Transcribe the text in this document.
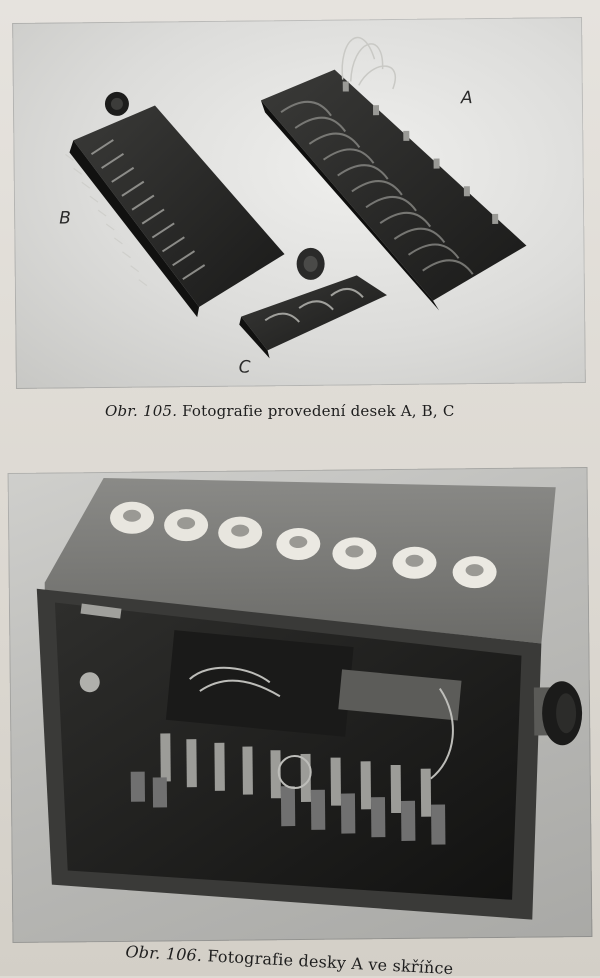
A
B
C
Obr. 105. Fotografie provedení desek A, B, C
Obr. 106. Fotografie desky A ve skříňce
